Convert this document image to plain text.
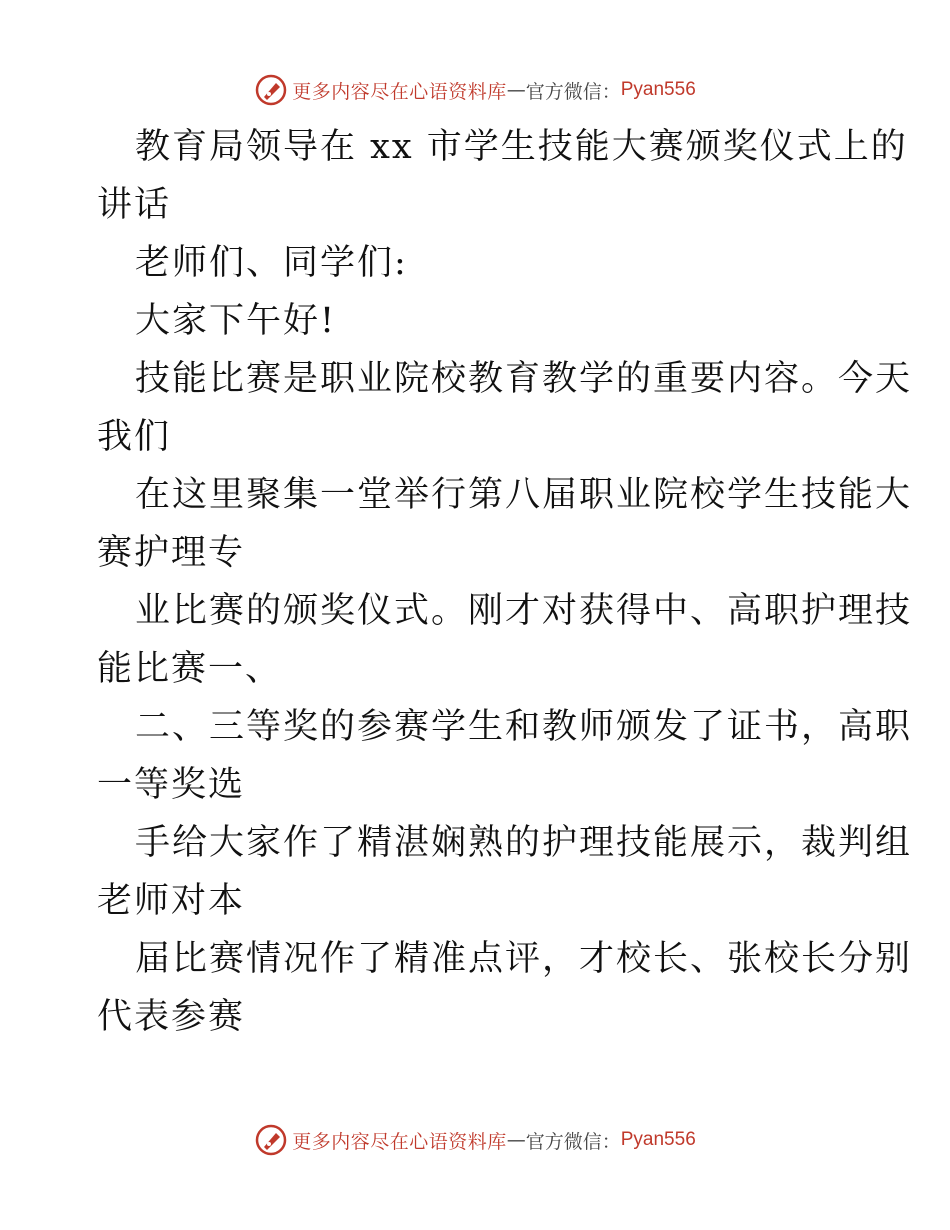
更多内容尽在心语资料库 — 官方微信： Pyan556
教育局领导在 xx 市学生技能大赛颁奖仪式上的
讲话
老师们、同学们:
大家下午好!
技能比赛是职业院校教育教学的重要内容。今天
我们
在这里聚集一堂举行第八届职业院校学生技能大
赛护理专
业比赛的颁奖仪式。刚才对获得中、高职护理技
能比赛一、
二、三等奖的参赛学生和教师颁发了证书，高职
一等奖选
手给大家作了精湛娴熟的护理技能展示，裁判组
老师对本
届比赛情况作了精准点评，才校长、张校长分别
代表参赛
更多内容尽在心语资料库 — 官方微信： Pyan556
